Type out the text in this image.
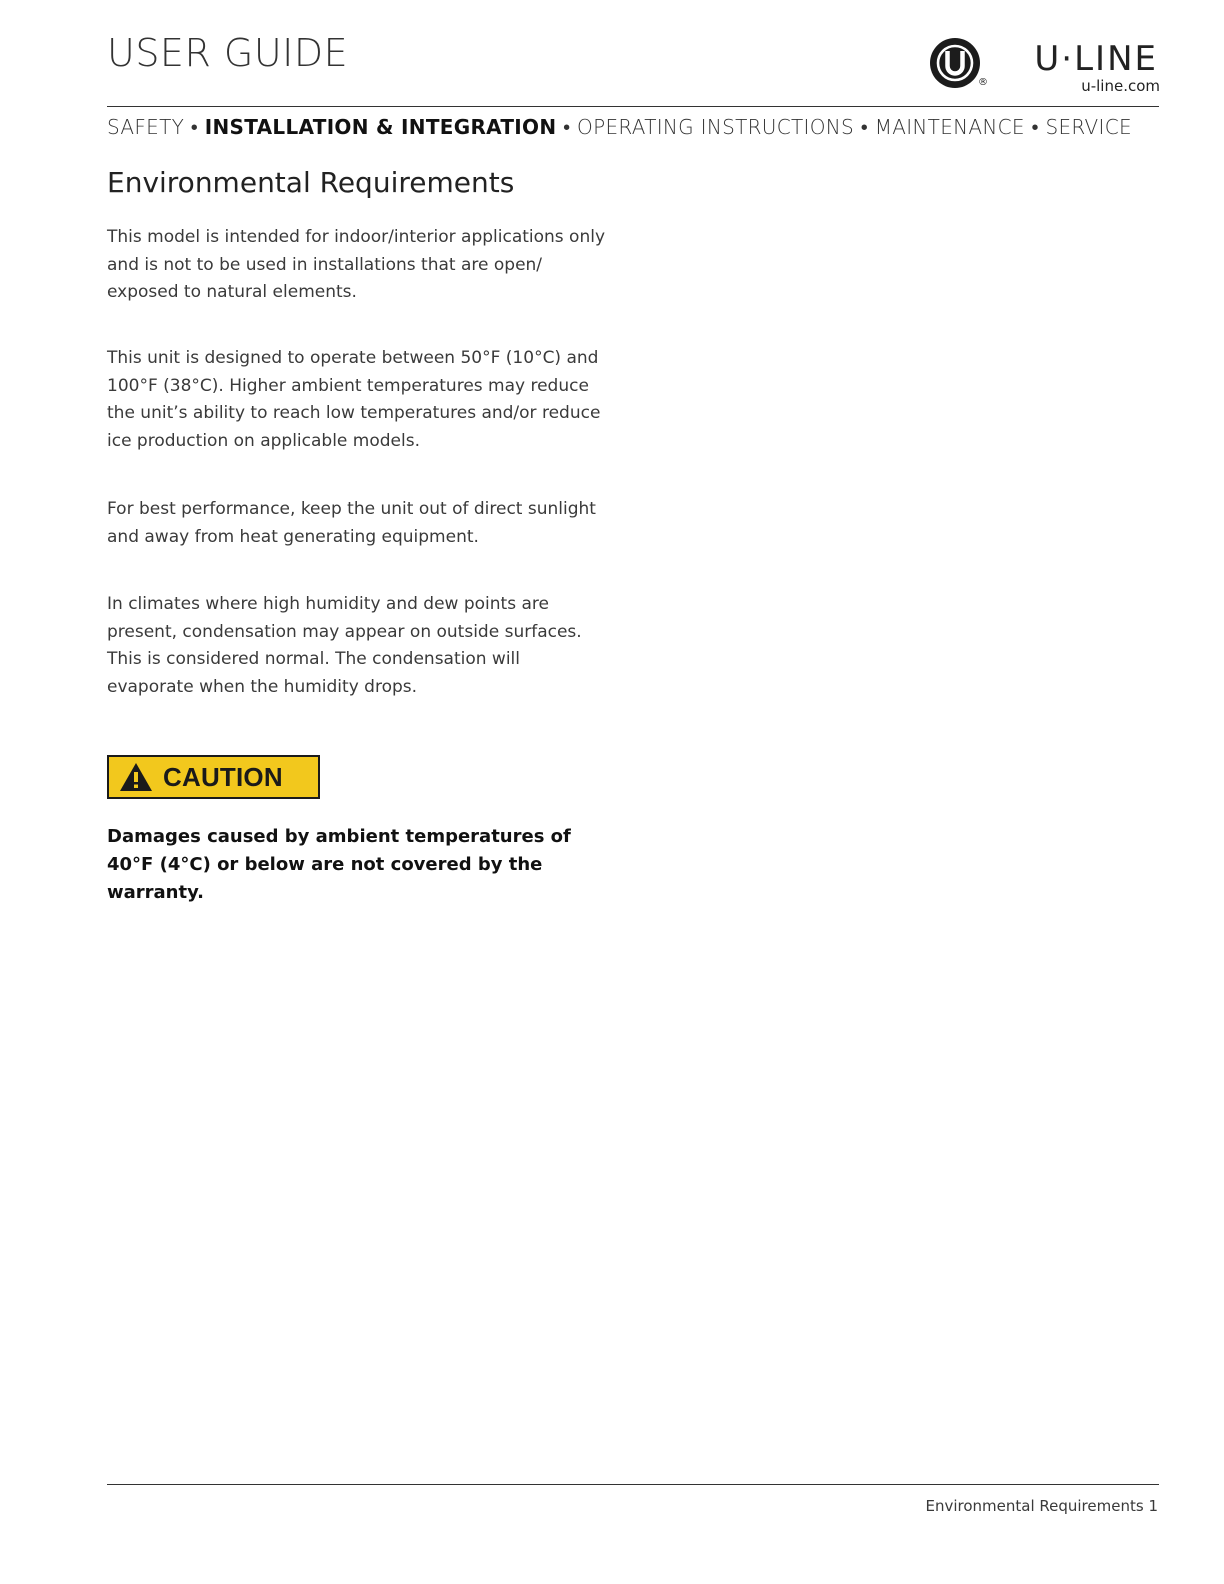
USER GUIDE
®
U·LINE
u-line.com
SAFETY • INSTALLATION & INTEGRATION • OPERATING INSTRUCTIONS • MAINTENANCE • SERVICE
Environmental Requirements

This model is intended for indoor/interior applications only and is not to be used in installations that are open/ exposed to natural elements.

This unit is designed to operate between 50°F (10°C) and 100°F (38°C). Higher ambient temperatures may reduce the unit’s ability to reach low temperatures and/or reduce ice production on applicable models.

For best performance, keep the unit out of direct sunlight and away from heat generating equipment.

In climates where high humidity and dew points are present, condensation may appear on outside surfaces. This is considered normal. The condensation will evaporate when the humidity drops.

CAUTION

Damages caused by ambient temperatures of 40°F (4°C) or below are not covered by the warranty.

Environmental Requirements 1
